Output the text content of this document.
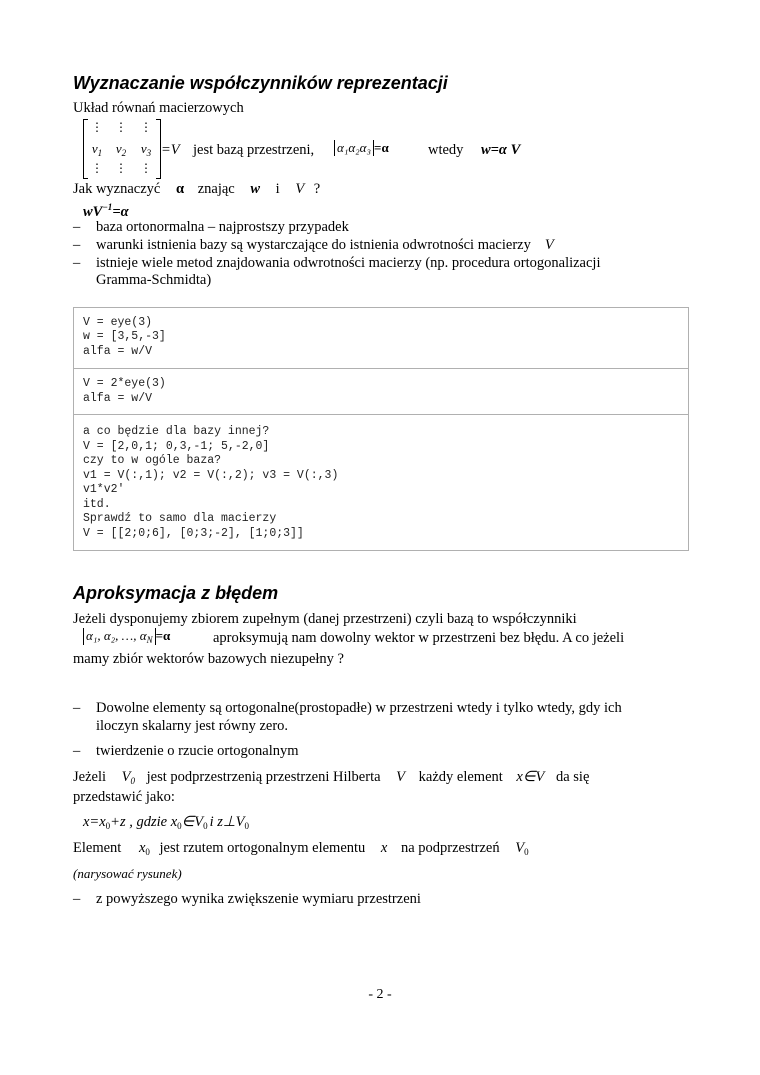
Wyznaczanie współczynników reprezentacji
Układ równań macierzowych
⋮	⋮	⋮
$v_1$	$v_2$	$v_3$
⋮	⋮	⋮
=V jest bazą przestrzeni, α₁α₂α₃ =α	wtedy w=α V
Jak wyznaczyć α znając w i V ?
$wV^{-1}=\alpha$
– baza ortonormalna – najprostszy przypadek
– warunki istnienia bazy są wystarczające do istnienia odwrotności macierzy V
– istnieje wiele metod znajdowania odwrotności macierzy (np. procedura ortogonalizacji
Gramma-Schmidta)
V = eye(3)
w = [3,5,-3]
alfa = w/V
V = 2*eye(3)
alfa = w/V
a co będzie dla bazy innej?
V = [2,0,1; 0,3,-1; 5,-2,0]
czy to w ogóle baza?
v1 = V(:,1); v2 = V(:,2); v3 = V(:,3)
v1*v2'
itd.
Sprawdź to samo dla macierzy
V = [[2;0;6], [0;3;-2], [1;0;3]]
Aproksymacja z błędem
Jeżeli dysponujemy zbiorem zupełnym (danej przestrzeni) czyli bazą to współczynniki
α₁, α₂, …, $\alpha_N =\alpha$	aproksymują nam dowolny wektor w przestrzeni bez błędu. A co jeżeli
mamy zbiór wektorów bazowych niezupełny ?
– Dowolne elementy są ortogonalne(prostopadłe) w przestrzeni wtedy i tylko wtedy, gdy ich
iloczyn skalarny jest równy zero.
– twierdzenie o rzucie ortogonalnym
Jeżeli $V_0$ jest podprzestrzenią przestrzeni Hilberta V każdy element x∈V da się
przedstawić jako:
$x=x_0+z$ , gdzie $x_0\in V_0$ i $z\perp V_0$
Element $x_0$ jest rzutem ortogonalnym elementu x na podprzestrzeń $V_0$
(narysować rysunek)
– z powyższego wynika zwiększenie wymiaru przestrzeni
- 2 -
